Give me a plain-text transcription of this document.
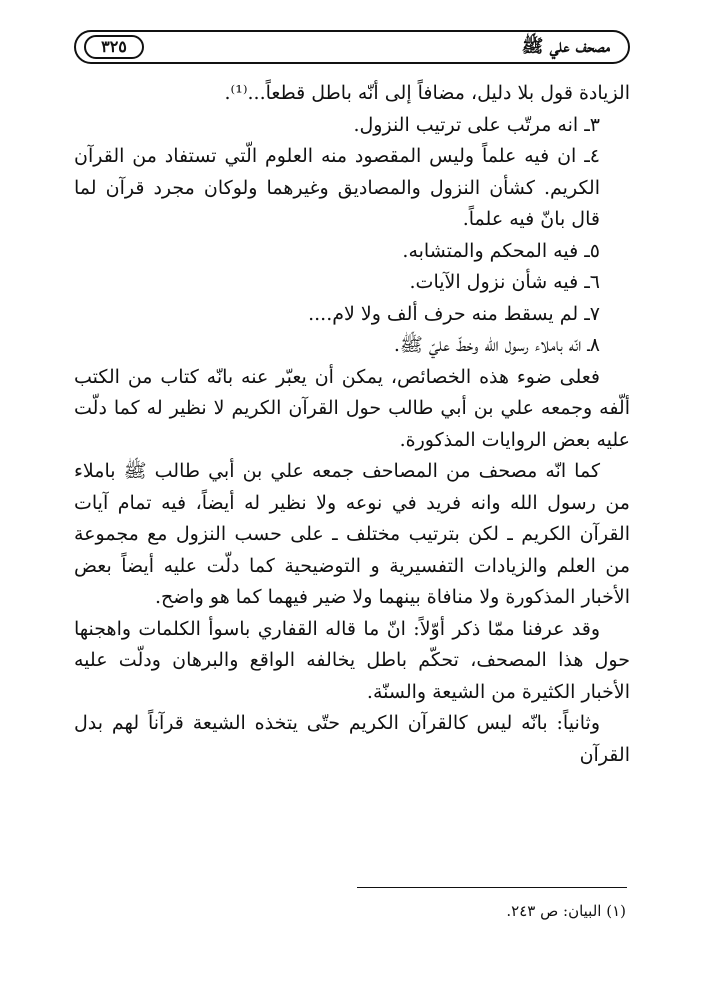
مصحف علي ﷺ
٣٢٥

الزيادة قول بلا دليل، مضافاً إلى أنّه باطل قطعاً...⁽¹⁾.

٣ـ انه مرتّب على ترتيب النزول.

٤ـ ان فيه علماً وليس المقصود منه العلوم الّتي تستفاد من القرآن الكريم. كشأن النزول والمصاديق وغيرهما ولوكان مجرد قرآن لما قال بانّ فيه علماً.

٥ـ فيه المحكم والمتشابه.

٦ـ فيه شأن نزول الآيات.

٧ـ لم يسقط منه حرف ألف ولا لام....

٨ـ انّه باملاء رسول الله وخطّ عليّ ﷺ.

فعلى ضوء هذه الخصائص، يمكن أن يعبّر عنه بانّه كتاب من الكتب ألّفه وجمعه علي بن أبي طالب حول القرآن الكريم لا نظير له كما دلّت عليه بعض الروايات المذكورة.

كما انّه مصحف من المصاحف جمعه علي بن أبي طالب ﷺ باملاء من رسول الله وانه فريد في نوعه ولا نظير له أيضاً، فيه تمام آيات القرآن الكريم ـ لكن بترتيب مختلف ـ على حسب النزول مع مجموعة من العلم والزيادات التفسيرية و التوضيحية كما دلّت عليه أيضاً بعض الأخبار المذكورة ولا منافاة بينهما ولا ضير فيهما كما هو واضح.

وقد عرفنا ممّا ذكر أوّلاً: انّ ما قاله القفاري باسوأ الكلمات واهجنها حول هذا المصحف، تحكّم باطل يخالفه الواقع والبرهان ودلّت عليه الأخبار الكثيرة من الشيعة والسنّة.

وثانياً: بانّه ليس كالقرآن الكريم حتّى يتخذه الشيعة قرآناً لهم بدل القرآن

(١) البيان: ص ٢٤٣.
